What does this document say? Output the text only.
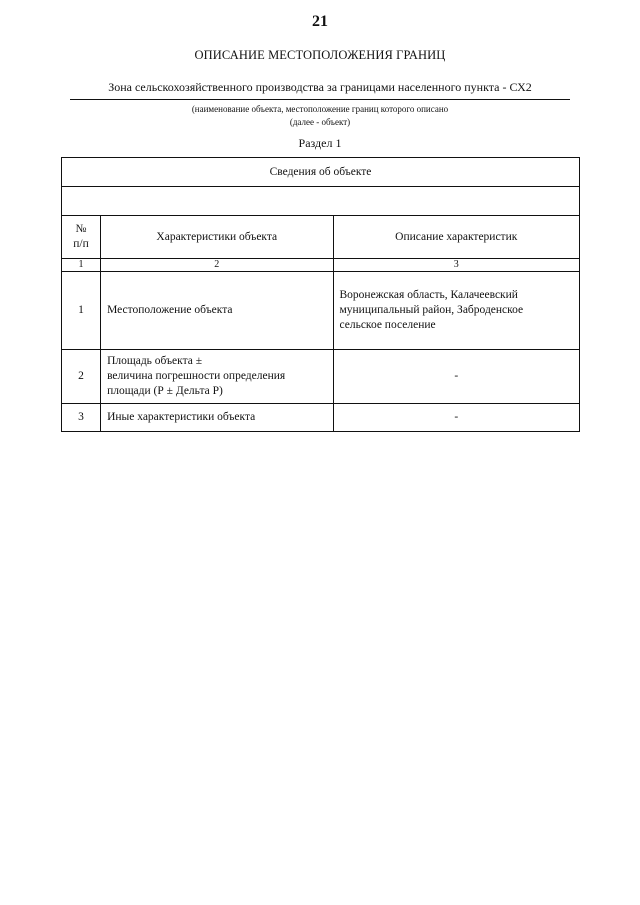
21
ОПИСАНИЕ МЕСТОПОЛОЖЕНИЯ ГРАНИЦ
Зона сельскохозяйственного производства за границами населенного пункта - СХ2
(наименование объекта, местоположение границ которого описано
(далее - объект)
Раздел 1
Сведения об объекте		

№
п/п	Характеристики объекта	Описание характеристик
1	2	3
1	Местоположение объекта	Воронежская область, Калачеевский
муниципальный район, Заброденское
сельское поселение
2	Площадь объекта ±
величина погрешности определения
площади (Р ± Дельта Р)	-
3	Иные характеристики объекта	-
